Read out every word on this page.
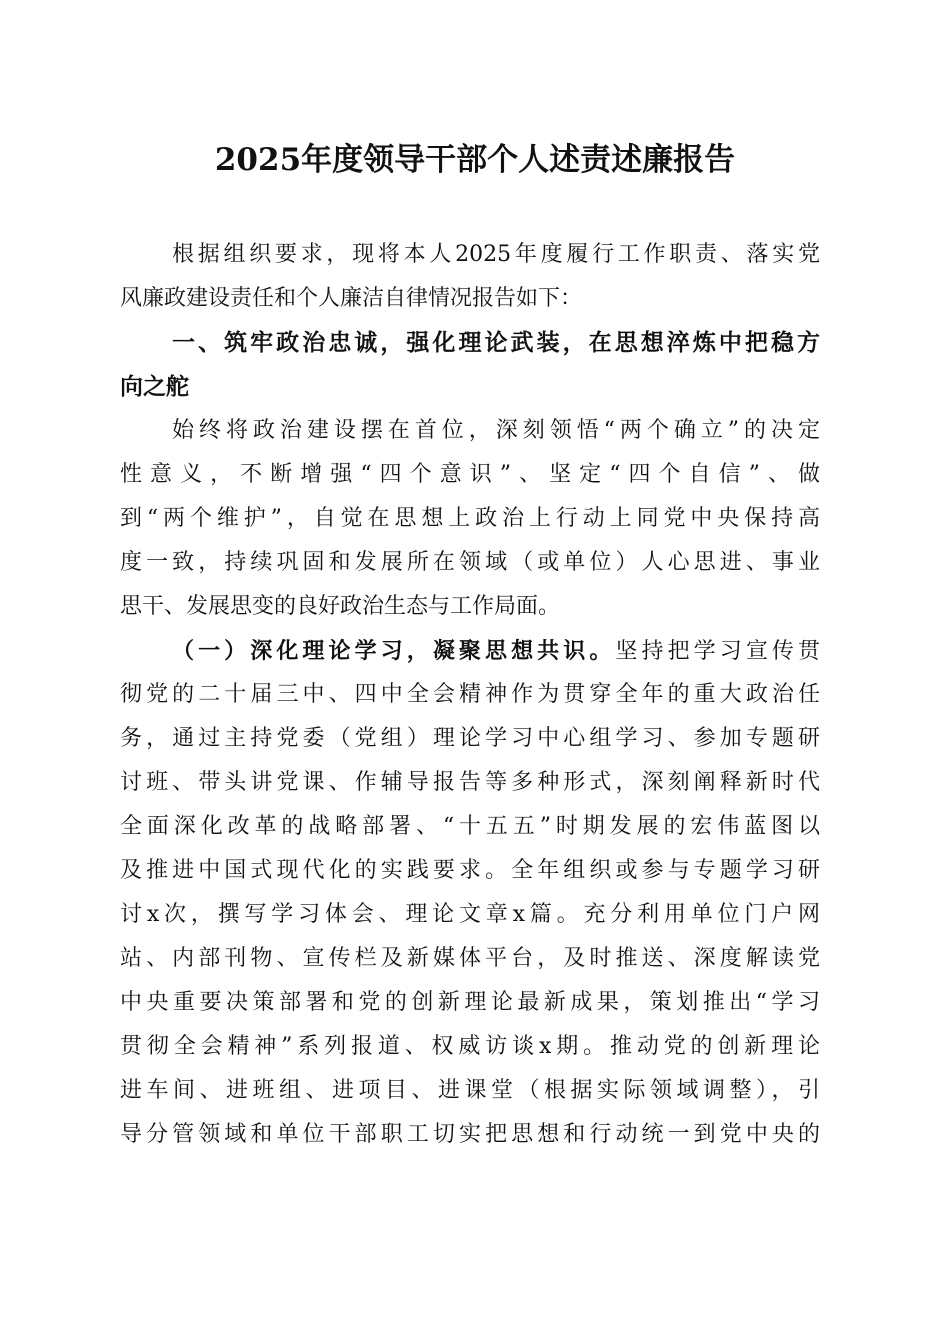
2025年度领导干部个人述责述廉报告
根据组织要求，现将本人2025年度履行工作职责、落实党
风廉政建设责任和个人廉洁自律情况报告如下：
一、筑牢政治忠诚，强化理论武装，在思想淬炼中把稳方
向之舵
始终将政治建设摆在首位，深刻领悟“两个确立”的决定
性意义，不断增强“四个意识”、坚定“四个自信”、做
到“两个维护”，自觉在思想上政治上行动上同党中央保持高
度一致，持续巩固和发展所在领域（或单位）人心思进、事业
思干、发展思变的良好政治生态与工作局面。
（一）深化理论学习，凝聚思想共识。坚持把学习宣传贯
彻党的二十届三中、四中全会精神作为贯穿全年的重大政治任
务，通过主持党委（党组）理论学习中心组学习、参加专题研
讨班、带头讲党课、作辅导报告等多种形式，深刻阐释新时代
全面深化改革的战略部署、“十五五”时期发展的宏伟蓝图以
及推进中国式现代化的实践要求。全年组织或参与专题学习研
讨x次，撰写学习体会、理论文章x篇。充分利用单位门户网
站、内部刊物、宣传栏及新媒体平台，及时推送、深度解读党
中央重要决策部署和党的创新理论最新成果，策划推出“学习
贯彻全会精神”系列报道、权威访谈x期。推动党的创新理论
进车间、进班组、进项目、进课堂（根据实际领域调整），引
导分管领域和单位干部职工切实把思想和行动统一到党中央的
